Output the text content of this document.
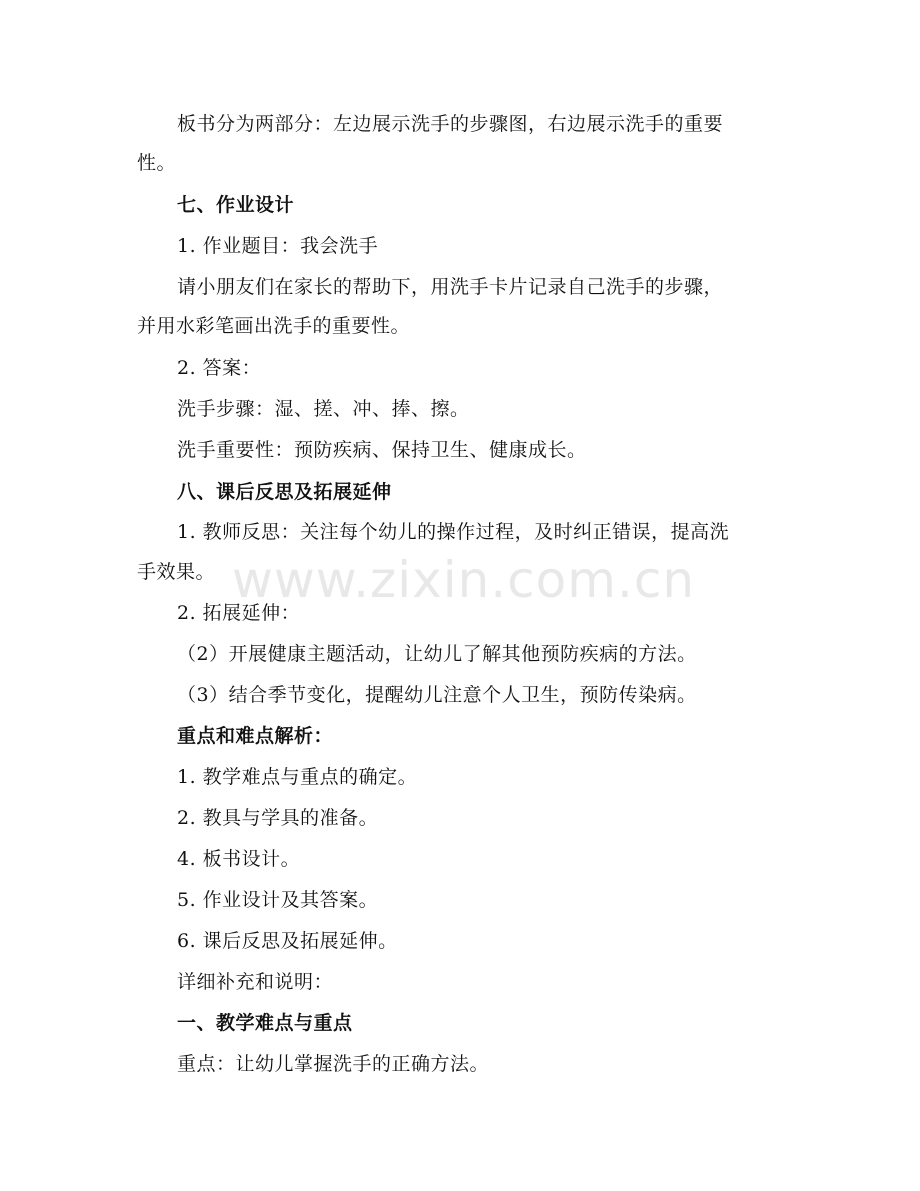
板书分为两部分：左边展示洗手的步骤图，右边展示洗手的重要
性。
七、作业设计
1. 作业题目：我会洗手
请小朋友们在家长的帮助下，用洗手卡片记录自己洗手的步骤，
并用水彩笔画出洗手的重要性。
2. 答案：
洗手步骤：湿、搓、冲、捧、擦。
洗手重要性：预防疾病、保持卫生、健康成长。
八、课后反思及拓展延伸
1. 教师反思：关注每个幼儿的操作过程，及时纠正错误，提高洗
手效果。
2. 拓展延伸：
（2）开展健康主题活动，让幼儿了解其他预防疾病的方法。
（3）结合季节变化，提醒幼儿注意个人卫生，预防传染病。
重点和难点解析：
1. 教学难点与重点的确定。
2. 教具与学具的准备。
4. 板书设计。
5. 作业设计及其答案。
6. 课后反思及拓展延伸。
详细补充和说明：
一、教学难点与重点
重点：让幼儿掌握洗手的正确方法。
www.zixin.com.cn
